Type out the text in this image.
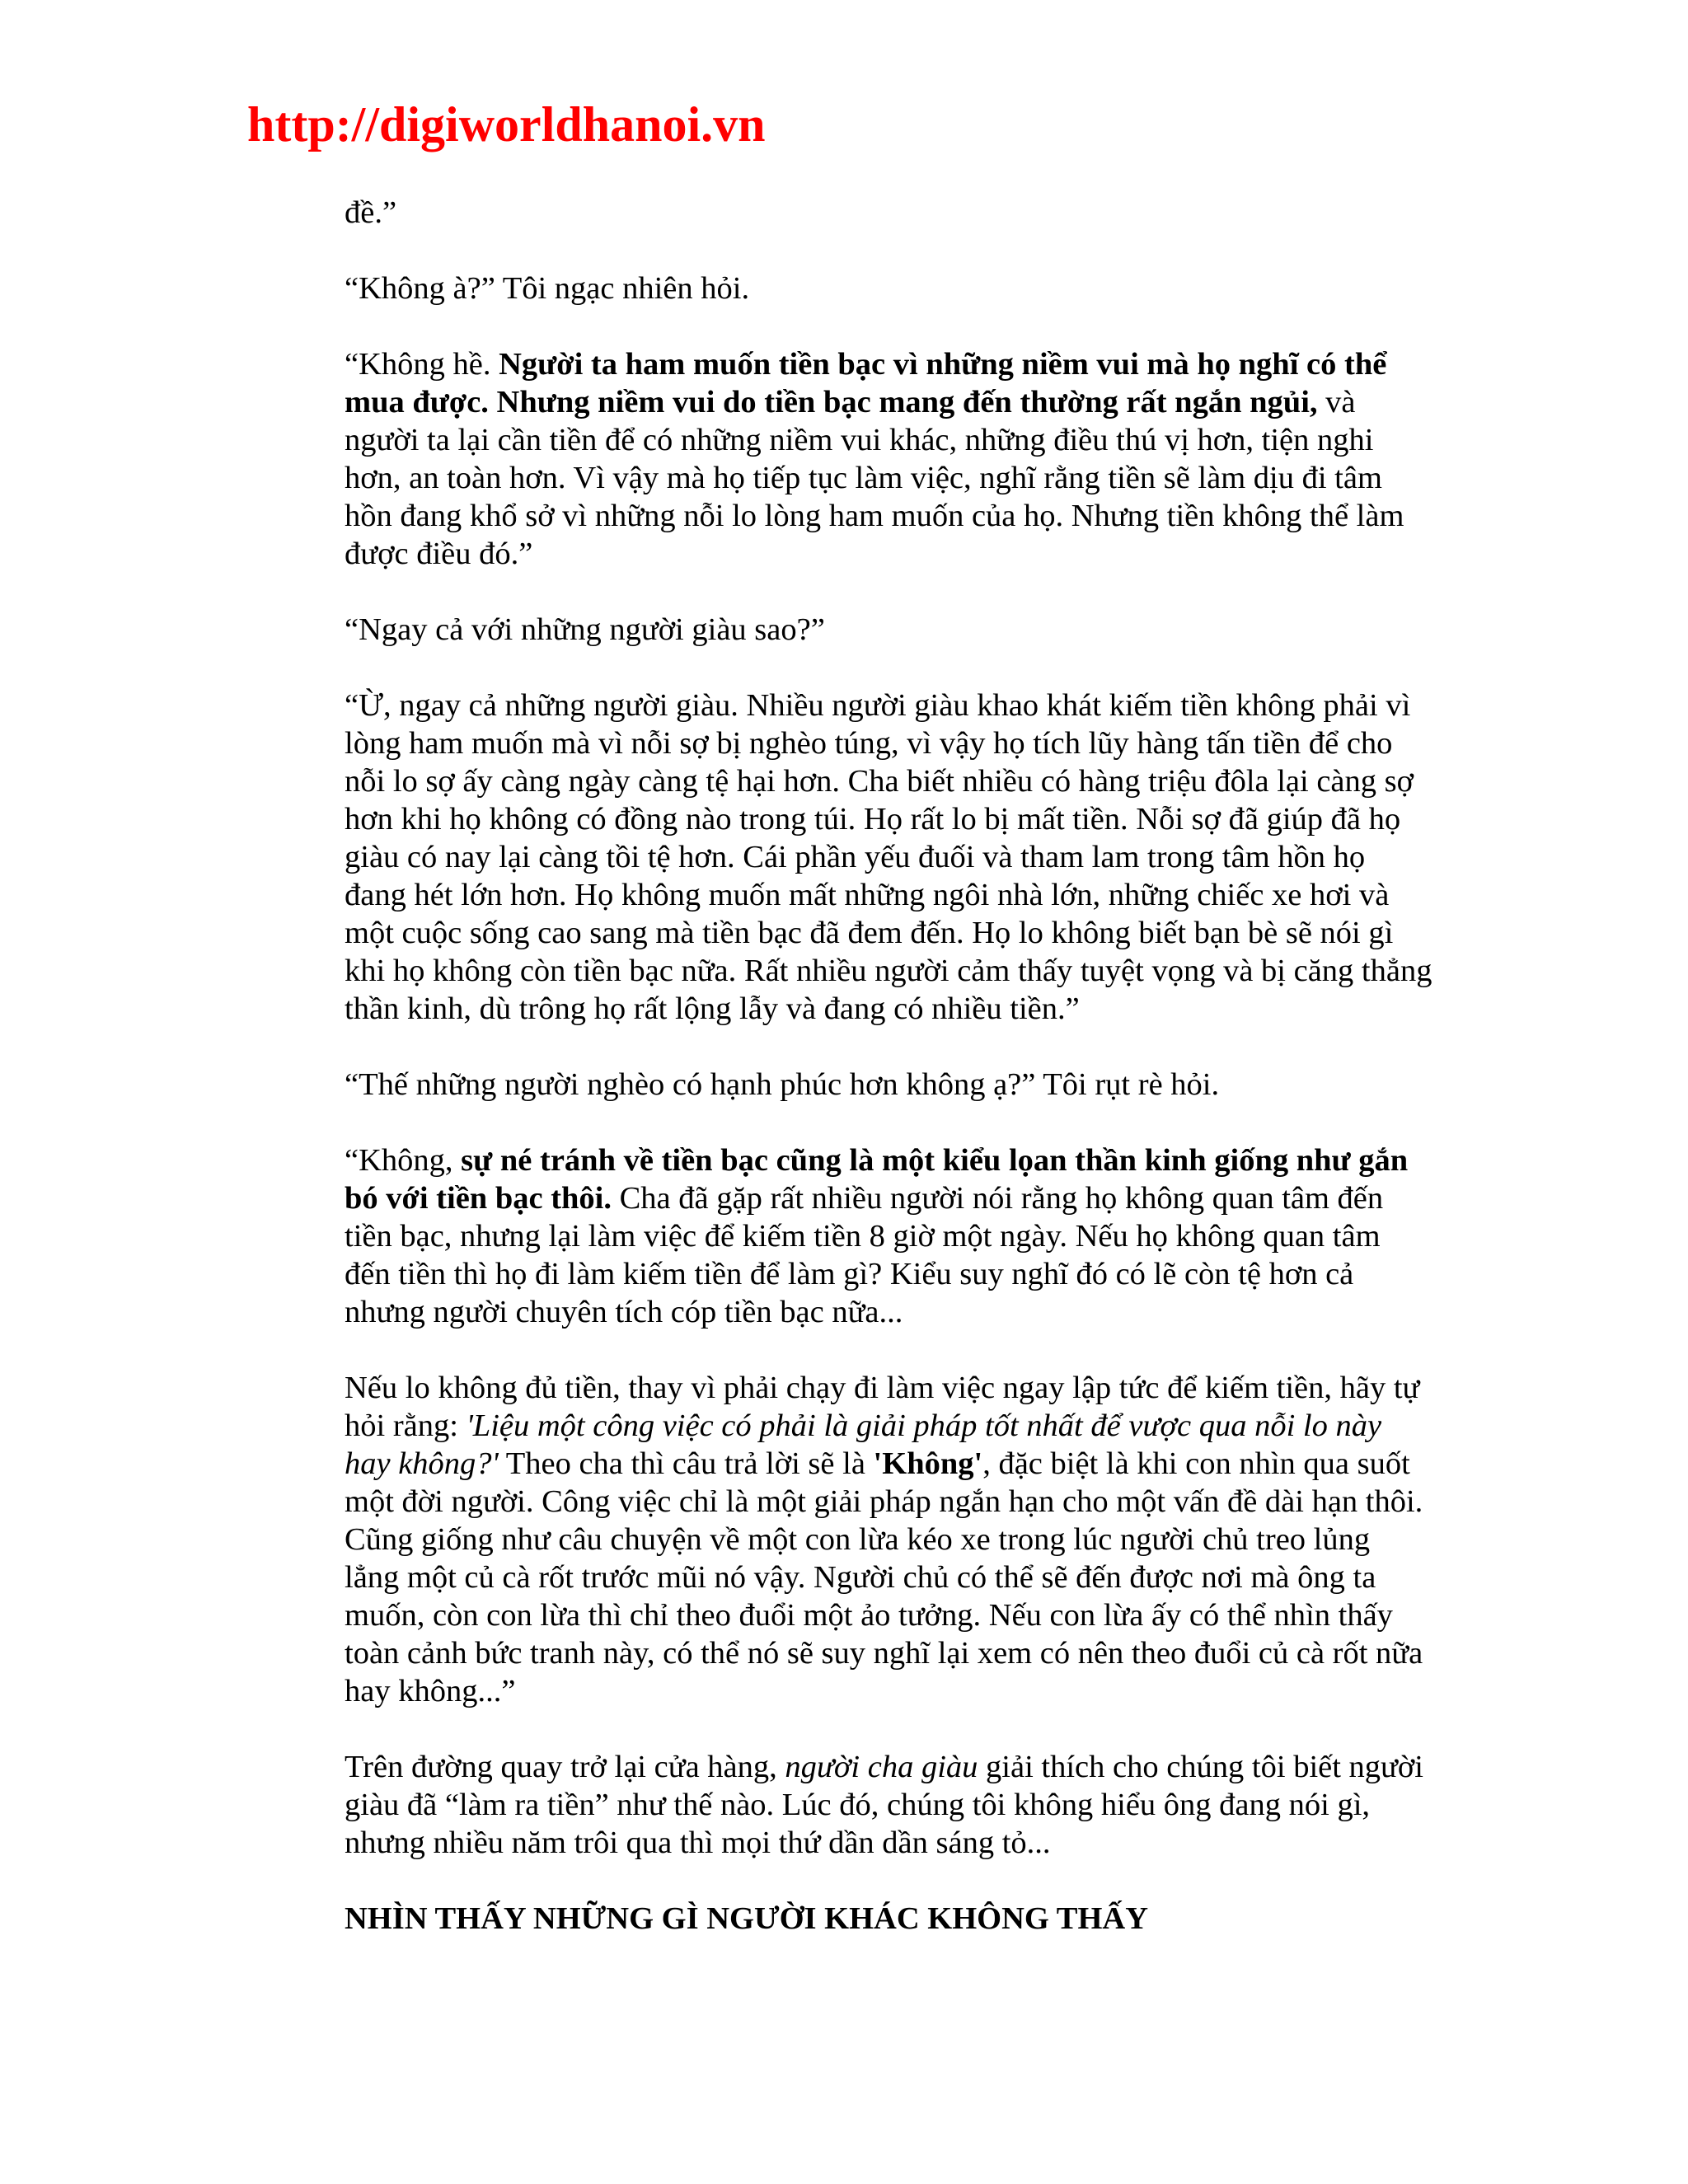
http://digiworldhanoi.vn

đề.”

“Không à?” Tôi ngạc nhiên hỏi.

“Không hề. Người ta ham muốn tiền bạc vì những niềm vui mà họ nghĩ có thể mua được. Nhưng niềm vui do tiền bạc mang đến thường rất ngắn ngủi, và người ta lại cần tiền để có những niềm vui khác, những điều thú vị hơn, tiện nghi hơn, an toàn hơn. Vì vậy mà họ tiếp tục làm việc, nghĩ rằng tiền sẽ làm dịu đi tâm hồn đang khổ sở vì những nỗi lo lòng ham muốn của họ. Nhưng tiền không thể làm được điều đó.”

“Ngay cả với những người giàu sao?”

“Ừ, ngay cả những người giàu. Nhiều người giàu khao khát kiếm tiền không phải vì lòng ham muốn mà vì nỗi sợ bị nghèo túng, vì vậy họ tích lũy hàng tấn tiền để cho nỗi lo sợ ấy càng ngày càng tệ hại hơn. Cha biết nhiều có hàng triệu đôla lại càng sợ hơn khi họ không có đồng nào trong túi. Họ rất lo bị mất tiền. Nỗi sợ đã giúp đã họ giàu có nay lại càng tồi tệ hơn. Cái phần yếu đuối và tham lam trong tâm hồn họ đang hét lớn hơn. Họ không muốn mất những ngôi nhà lớn, những chiếc xe hơi và một cuộc sống cao sang mà tiền bạc đã đem đến. Họ lo không biết bạn bè sẽ nói gì khi họ không còn tiền bạc nữa. Rất nhiều người cảm thấy tuyệt vọng và bị căng thẳng thần kinh, dù trông họ rất lộng lẫy và đang có nhiều tiền.”

“Thế những người nghèo có hạnh phúc hơn không ạ?” Tôi rụt rè hỏi.

“Không, sự né tránh về tiền bạc cũng là một kiểu lọan thần kinh giống như gắn bó với tiền bạc thôi. Cha đã gặp rất nhiều người nói rằng họ không quan tâm đến tiền bạc, nhưng lại làm việc để kiếm tiền 8 giờ một ngày. Nếu họ không quan tâm đến tiền thì họ đi làm kiếm tiền để làm gì? Kiểu suy nghĩ đó có lẽ còn tệ hơn cả nhưng người chuyên tích cóp tiền bạc nữa...

Nếu lo không đủ tiền, thay vì phải chạy đi làm việc ngay lập tức để kiếm tiền, hãy tự hỏi rằng: 'Liệu một công việc có phải là giải pháp tốt nhất để vược qua nỗi lo này hay không?' Theo cha thì câu trả lời sẽ là 'Không', đặc biệt là khi con nhìn qua suốt một đời người. Công việc chỉ là một giải pháp ngắn hạn cho một vấn đề dài hạn thôi. Cũng giống như câu chuyện về một con lừa kéo xe trong lúc người chủ treo lủng lẳng một củ cà rốt trước mũi nó vậy. Người chủ có thể sẽ đến được nơi mà ông ta muốn, còn con lừa thì chỉ theo đuổi một ảo tưởng. Nếu con lừa ấy có thể nhìn thấy toàn cảnh bức tranh này, có thể nó sẽ suy nghĩ lại xem có nên theo đuổi củ cà rốt nữa hay không...”

Trên đường quay trở lại cửa hàng, người cha giàu giải thích cho chúng tôi biết người giàu đã “làm ra tiền” như thế nào. Lúc đó, chúng tôi không hiểu ông đang nói gì, nhưng nhiều năm trôi qua thì mọi thứ dần dần sáng tỏ...

NHÌN THẤY NHỮNG GÌ NGƯỜI KHÁC KHÔNG THẤY
